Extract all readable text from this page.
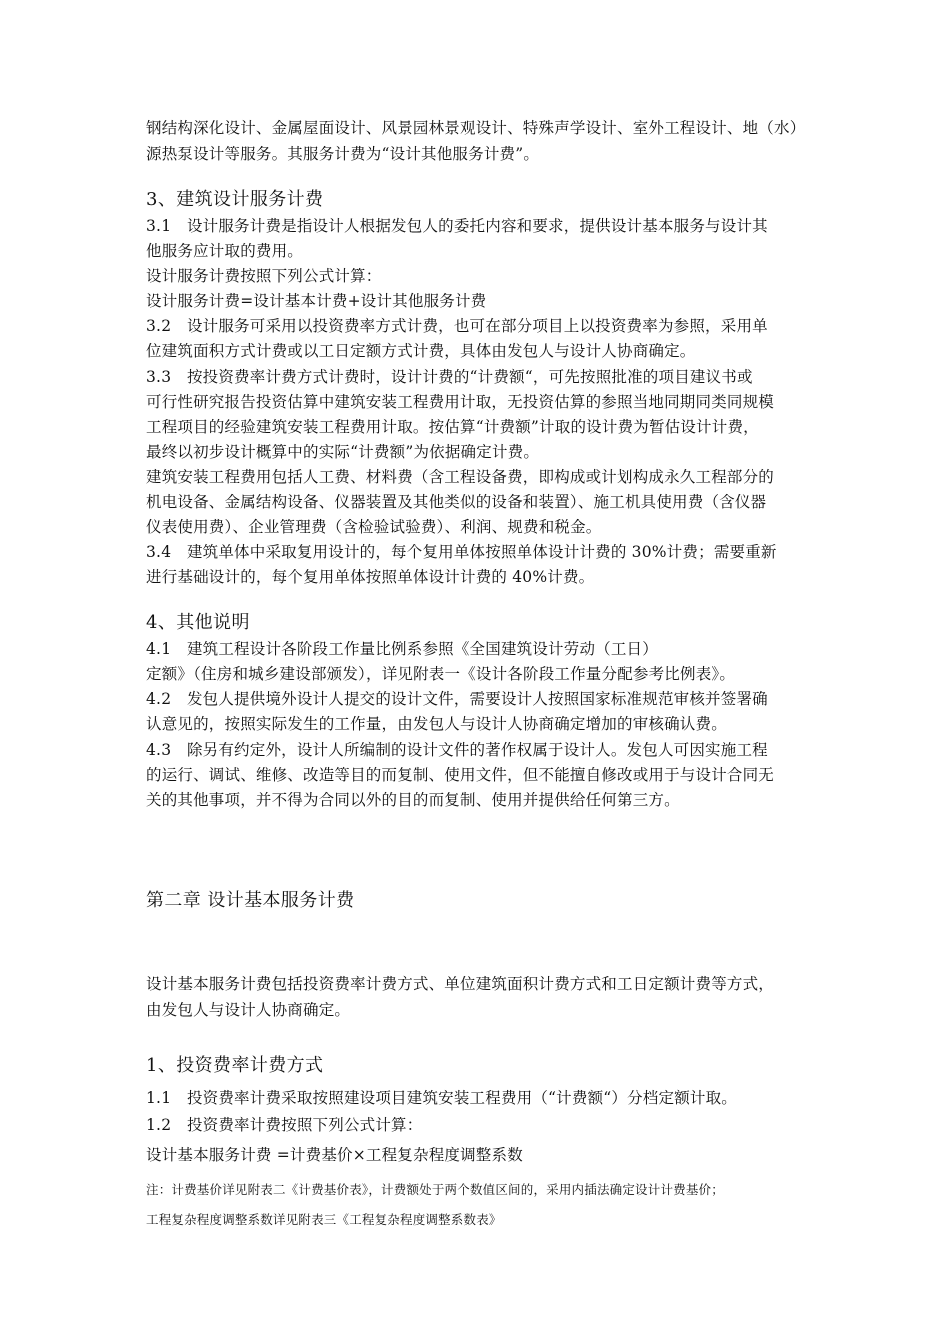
钢结构深化设计、金属屋面设计、风景园林景观设计、特殊声学设计、室外工程设计、地（水）
源热泵设计等服务。其服务计费为“设计其他服务计费”。
3、建筑设计服务计费
3.1　设计服务计费是指设计人根据发包人的委托内容和要求，提供设计基本服务与设计其
他服务应计取的费用。
设计服务计费按照下列公式计算：
设计服务计费=设计基本计费+设计其他服务计费
3.2　设计服务可采用以投资费率方式计费，也可在部分项目上以投资费率为参照，采用单
位建筑面积方式计费或以工日定额方式计费，具体由发包人与设计人协商确定。
3.3　按投资费率计费方式计费时，设计计费的“计费额“，可先按照批准的项目建议书或
可行性研究报告投资估算中建筑安装工程费用计取，无投资估算的参照当地同期同类同规模
工程项目的经验建筑安装工程费用计取。按估算“计费额”计取的设计费为暂估设计计费，
最终以初步设计概算中的实际“计费额”为依据确定计费。
建筑安装工程费用包括人工费、材料费（含工程设备费，即构成或计划构成永久工程部分的
机电设备、金属结构设备、仪器装置及其他类似的设备和装置）、施工机具使用费（含仪器
仪表使用费）、企业管理费（含检验试验费）、利润、规费和税金。
3.4　建筑单体中采取复用设计的，每个复用单体按照单体设计计费的 30%计费；需要重新
进行基础设计的，每个复用单体按照单体设计计费的 40%计费。
4、其他说明
4.1　建筑工程设计各阶段工作量比例系参照《全国建筑设计劳动（工日）
定额》（住房和城乡建设部颁发），详见附表一《设计各阶段工作量分配参考比例表》。
4.2　发包人提供境外设计人提交的设计文件，需要设计人按照国家标准规范审核并签署确
认意见的，按照实际发生的工作量，由发包人与设计人协商确定增加的审核确认费。
4.3　除另有约定外，设计人所编制的设计文件的著作权属于设计人。发包人可因实施工程
的运行、调试、维修、改造等目的而复制、使用文件，但不能擅自修改或用于与设计合同无
关的其他事项，并不得为合同以外的目的而复制、使用并提供给任何第三方。
第二章 设计基本服务计费
设计基本服务计费包括投资费率计费方式、单位建筑面积计费方式和工日定额计费等方式，
由发包人与设计人协商确定。
1、投资费率计费方式
1.1　投资费率计费采取按照建设项目建筑安装工程费用（“计费额“）分档定额计取。
1.2　投资费率计费按照下列公式计算：
设计基本服务计费 =计费基价×工程复杂程度调整系数
注：计费基价详见附表二《计费基价表》，计费额处于两个数值区间的，采用内插法确定设计计费基价；
工程复杂程度调整系数详见附表三《工程复杂程度调整系数表》
